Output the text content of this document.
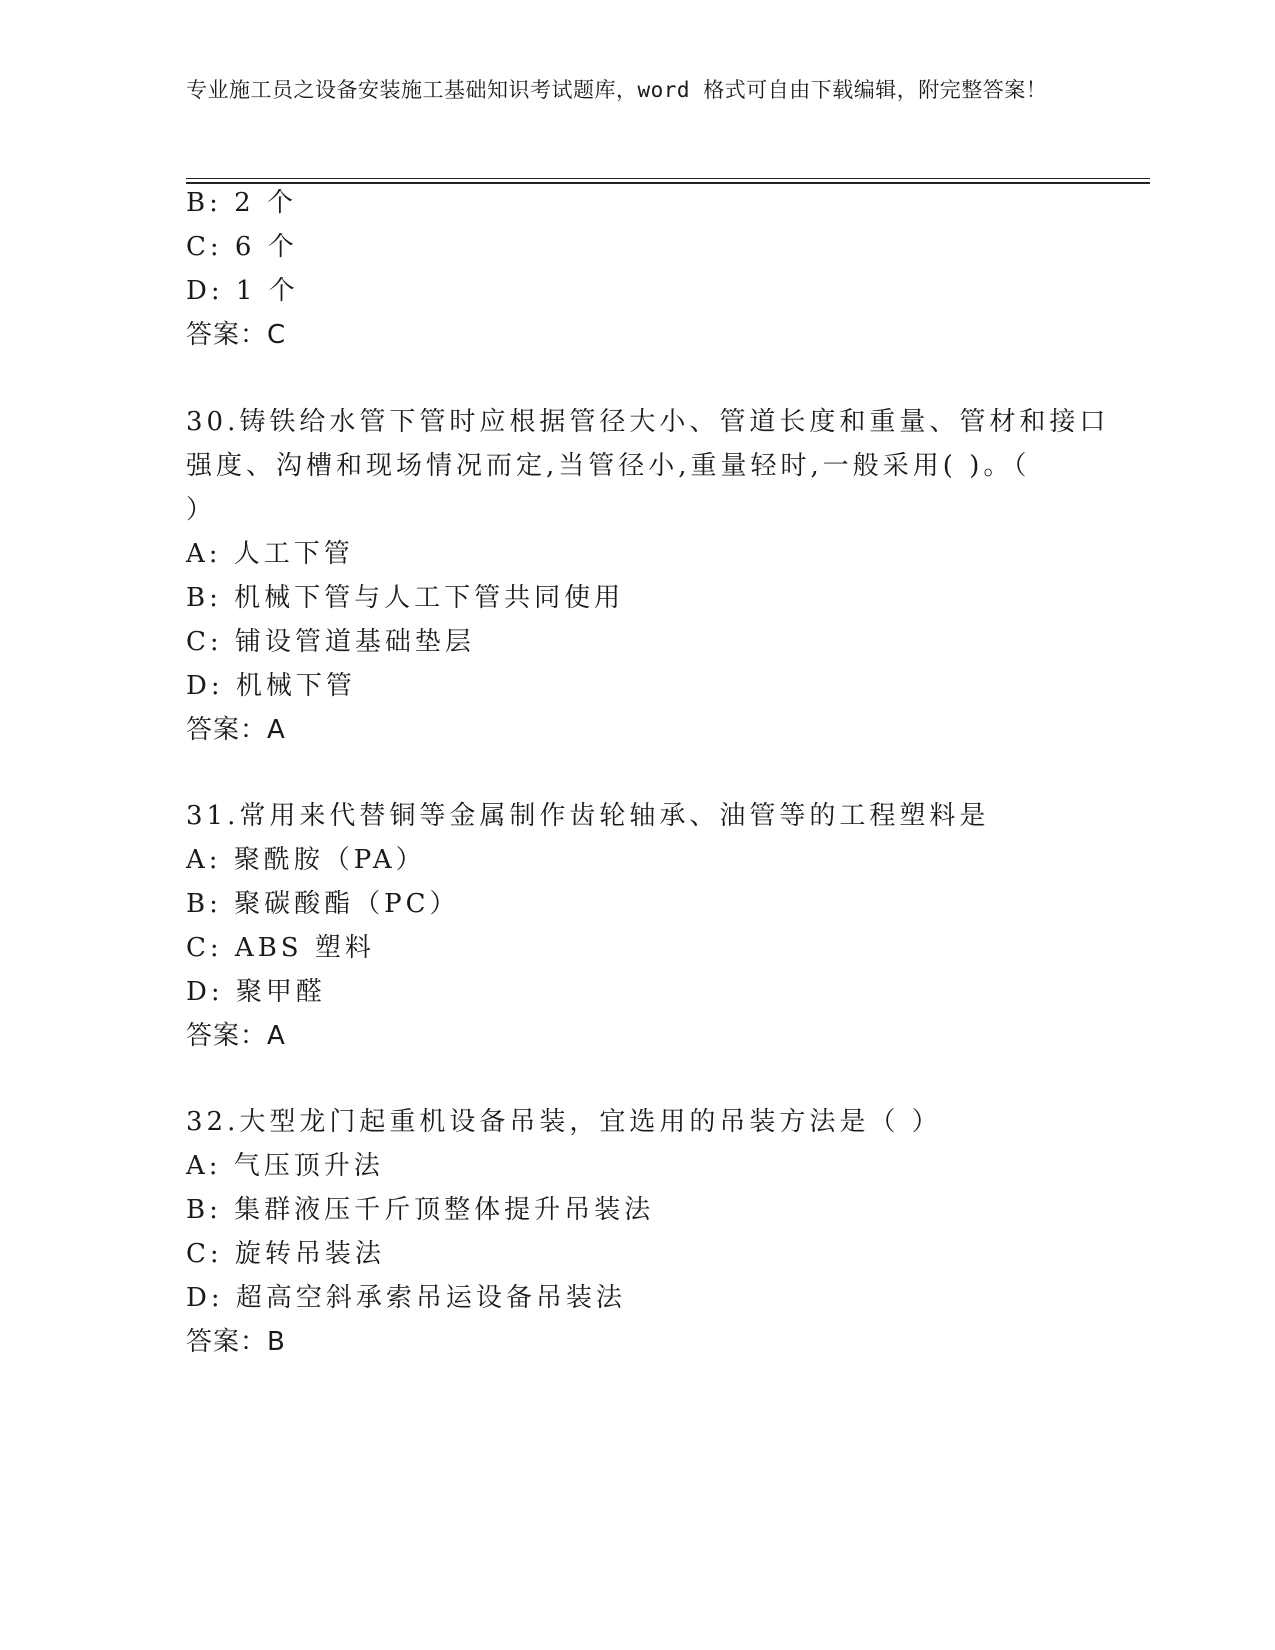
专业施工员之设备安装施工基础知识考试题库，word 格式可自由下载编辑，附完整答案！
B: 2 个
C: 6 个
D: 1 个
答案：C
30.铸铁给水管下管时应根据管径大小、管道长度和重量、管材和接口
强度、沟槽和现场情况而定,当管径小,重量轻时,一般采用( )。（
）
A: 人工下管
B: 机械下管与人工下管共同使用
C: 铺设管道基础垫层
D: 机械下管
答案：A
31.常用来代替铜等金属制作齿轮轴承、油管等的工程塑料是
A: 聚酰胺（PA）
B: 聚碳酸酯（PC）
C: ABS 塑料
D: 聚甲醛
答案：A
32.大型龙门起重机设备吊装，宜选用的吊装方法是（ ）
A: 气压顶升法
B: 集群液压千斤顶整体提升吊装法
C: 旋转吊装法
D: 超高空斜承索吊运设备吊装法
答案：B
